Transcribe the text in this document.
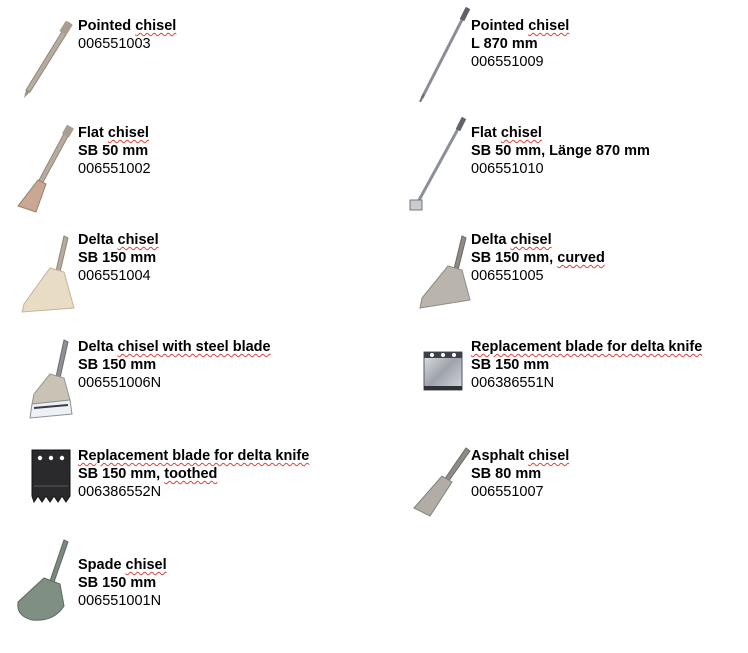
Pointed chisel
006551003
Pointed chisel
L 870 mm
006551009
Flat chisel
SB 50 mm
006551002
Flat chisel
SB 50 mm, Länge 870 mm
006551010
Delta chisel
SB 150 mm
006551004
Delta chisel
SB 150 mm, curved
006551005
Delta chisel with steel blade
SB 150 mm
006551006N
Replacement blade for delta knife
SB 150 mm
006386551N
Replacement blade for delta knife
SB 150 mm, toothed
006386552N
Asphalt chisel
SB 80 mm
006551007
Spade chisel
SB 150 mm
006551001N
